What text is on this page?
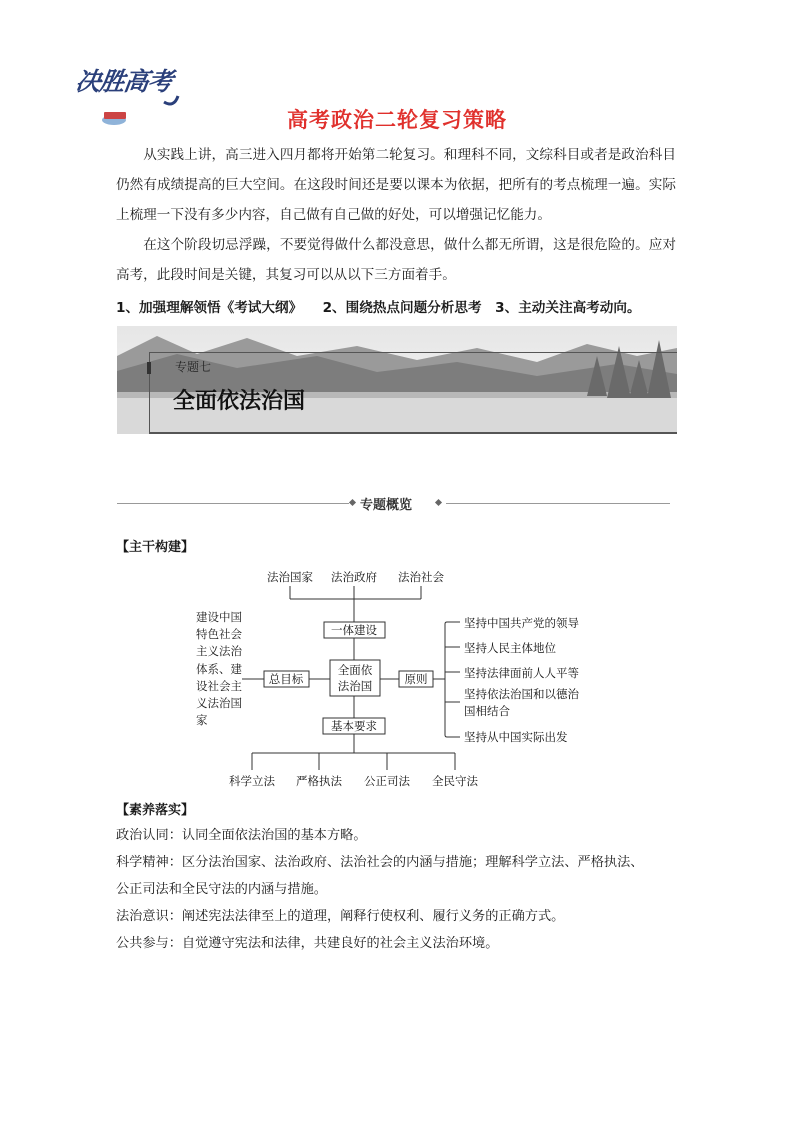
决胜高考
高考政治二轮复习策略

从实践上讲，高三进入四月都将开始第二轮复习。和理科不同，文综科目或者是政治科目仍然有成绩提高的巨大空间。在这段时间还是要以课本为依据，把所有的考点梳理一遍。实际上梳理一下没有多少内容，自己做有自己做的好处，可以增强记忆能力。

在这个阶段切忌浮躁，不要觉得做什么都没意思，做什么都无所谓，这是很危险的。应对高考，此段时间是关键，其复习可以从以下三方面着手。

1、加强理解领悟《考试大纲》　　2、围绕热点问题分析思考　3、主动关注高考动向。
专题七
全面依法治国
专题概览
【主干构建】
法治国家 法治政府 法治社会
一体建设
全面依
法治国
总目标	原则
基本要求
坚持中国共产党的领导
坚持人民主体地位
坚持法律面前人人平等
坚持依法治国和以德治
国相结合
坚持从中国实际出发
科学立法 严格执法 公正司法 全民守法
建设中国特色社会主义法治体系、建设社会主义法治国家
【素养落实】
政治认同：认同全面依法治国的基本方略。
科学精神：区分法治国家、法治政府、法治社会的内涵与措施；理解科学立法、严格执法、
公正司法和全民守法的内涵与措施。
法治意识：阐述宪法法律至上的道理，阐释行使权利、履行义务的正确方式。
公共参与：自觉遵守宪法和法律，共建良好的社会主义法治环境。
